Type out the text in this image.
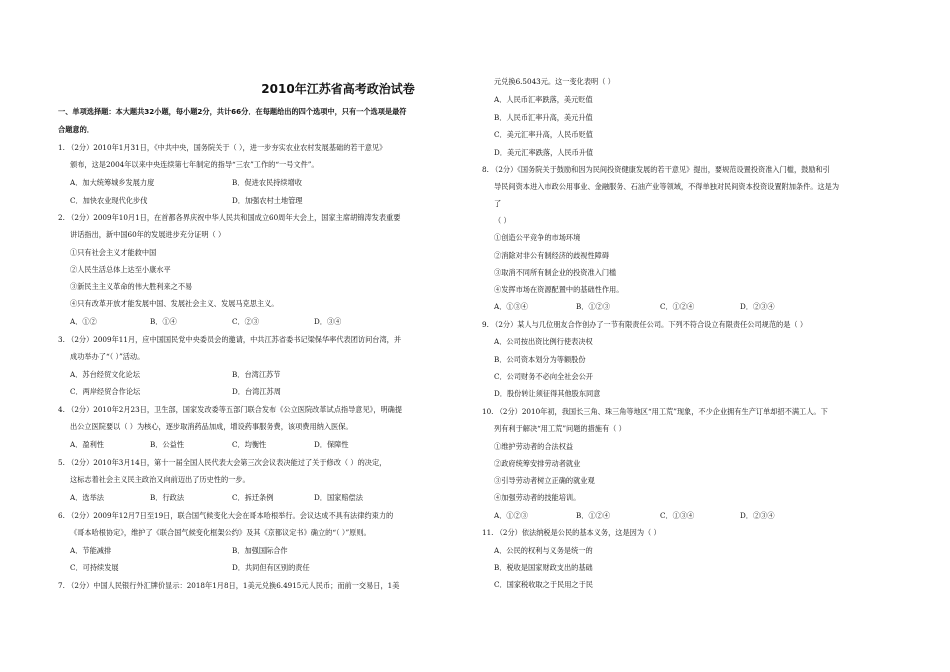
2010年江苏省高考政治试卷
一、单项选择题：本大题共32小题，每小题2分，共计66分．在每题给出的四个选项中，只有一个选项是最符
合题意的．
1. （2分）2010年1月31日，《中共中央，国务院关于（ ），进一步夯实农业农村发展基础的若干意见》
颁布，这是2004年以来中央连续第七年制定的指导“三农”工作的“一号文件”。
A．加大统筹城乡发展力度	B．促进农民持续增收
C．加快农业现代化步伐	D．加强农村土地管理
2. （2分）2009年10月1日，在首都各界庆祝中华人民共和国成立60周年大会上，国家主席胡锦涛发表重要
讲话指出，新中国60年的发展进步充分证明（ ）
①只有社会主义才能救中国
②人民生活总体上达至小康水平
③新民主主义革命的伟大胜利来之不易
④只有改革开放才能发展中国、发展社会主义、发展马克思主义。
A．①②	B．①④	C．②③	D．③④
3. （2分）2009年11月，应中国国民党中央委员会的邀请，中共江苏省委书记梁保华率代表团访问台湾，并
成功举办了“（ ）”活动。
A．苏台经贸文化论坛	B．台湾江苏节
C．两岸经贸合作论坛	D．台湾江苏周
4. （2分）2010年2月23日，卫生部，国家发改委等五部门联合发布《公立医院改革试点指导意见》，明确提
出公立医院要以（ ）为核心，逐步取消药品加成，增设药事服务费，该项费用纳入医保。
A．盈利性	B．公益性	C．均衡性	D．保障性
5. （2分）2010年3月14日，第十一届全国人民代表大会第三次会议表决能过了关于修改（ ）的决定，
这标志着社会主义民主政治又向前迈出了历史性的一步。
A．选举法	B．行政法	C．拆迁条例	D．国家赔偿法
6. （2分）2009年12月7日至19日，联合国气候变化大会在哥本哈根举行。会议达成不具有法律约束力的
《哥本哈根协定》，维护了《联合国气候变化框架公约》及其《京都议定书》确立的“（ ）”原则。
A．节能减排	B．加强国际合作
C．可持续发展	D．共同但有区别的责任
7. （2分）中国人民银行外汇牌价显示：2018年1月8日，1美元兑换6.4915元人民币；而前一交易日，1美
元兑换6.5043元。这一变化表明（ ）
A．人民币汇率跌落，美元贬值
B．人民币汇率升高，美元升值
C．美元汇率升高，人民币贬值
D．美元汇率跌落，人民币升值
8. （2分）《国务院关于鼓励和因为民间投资健康发展的若干意见》提出，要规范设置投资准入门槛，鼓励和引
导民间资本进入市政公用事业、金融服务、石油产业等领域，不得单独对民间资本投资设置附加条件。这是为
了
（ ）
①创造公平竞争的市场环境
②消除对非公有制经济的歧视性障碍
③取消不同所有制企业的投资准入门槛
④发挥市场在资源配置中的基础性作用。
A．①③④	B．①②③	C．①②④	D．②③④
9. （2分）某人与几位朋友合作创办了一节有限责任公司。下列不符合设立有限责任公司规范的是（ ）
A．公司按出资比例行使表决权
B．公司资本划分为等额股份
C．公司财务不必向全社会公开
D．股份转让须征得其他股东同意
10. （2分）2010年初，我国长三角、珠三角等地区“用工荒”现象，不少企业拥有生产订单却招不满工人。下
列有利于解决“用工荒”问题的措施有（ ）
①维护劳动者的合法权益
②政府统筹安排劳动者就业
③引导劳动者树立正确的就业观
④加强劳动者的技能培训。
A．①②③	B．①②④	C．①③④	D．②③④
11. （2分）依法纳税是公民的基本义务，这是因为（ ）
A．公民的权利与义务是统一的
B．税收是国家财政支出的基础
C．国家税收取之于民用之于民
